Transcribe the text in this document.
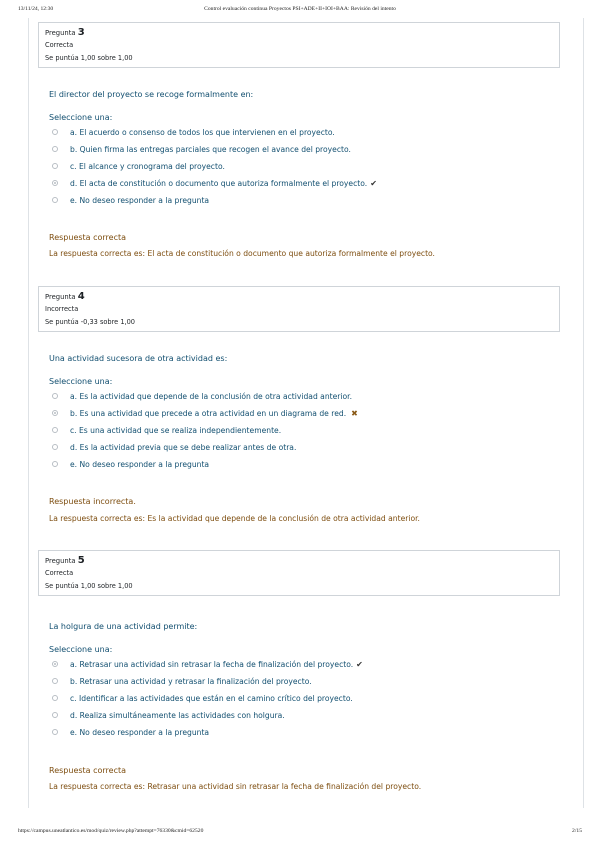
13/11/24, 12:30	Control evaluación continua Proyectos PSI+ADE+II+IOI+BAA: Revisión del intento
Pregunta 3
Correcta
Se puntúa 1,00 sobre 1,00
El director del proyecto se recoge formalmente en:
Seleccione una:
a. El acuerdo o consenso de todos los que intervienen en el proyecto.
b. Quien firma las entregas parciales que recogen el avance del proyecto.
c. El alcance y cronograma del proyecto.
d. El acta de constitución o documento que autoriza formalmente el proyecto. ✔
e. No deseo responder a la pregunta
Respuesta correcta
La respuesta correcta es: El acta de constitución o documento que autoriza formalmente el proyecto.
Pregunta 4
Incorrecta
Se puntúa -0,33 sobre 1,00
Una actividad sucesora de otra actividad es:
Seleccione una:
a. Es la actividad que depende de la conclusión de otra actividad anterior.
b. Es una actividad que precede a otra actividad en un diagrama de red. ✖
c. Es una actividad que se realiza independientemente.
d. Es la actividad previa que se debe realizar antes de otra.
e. No deseo responder a la pregunta
Respuesta incorrecta.
La respuesta correcta es: Es la actividad que depende de la conclusión de otra actividad anterior.
Pregunta 5
Correcta
Se puntúa 1,00 sobre 1,00
La holgura de una actividad permite:
Seleccione una:
a. Retrasar una actividad sin retrasar la fecha de finalización del proyecto. ✔
b. Retrasar una actividad y retrasar la finalización del proyecto.
c. Identificar a las actividades que están en el camino crítico del proyecto.
d. Realiza simultáneamente las actividades con holgura.
e. No deseo responder a la pregunta
Respuesta correcta
La respuesta correcta es: Retrasar una actividad sin retrasar la fecha de finalización del proyecto.
https://campus.uneatlantico.es/mod/quiz/review.php?attempt=76330&cmid=62520	2/15
